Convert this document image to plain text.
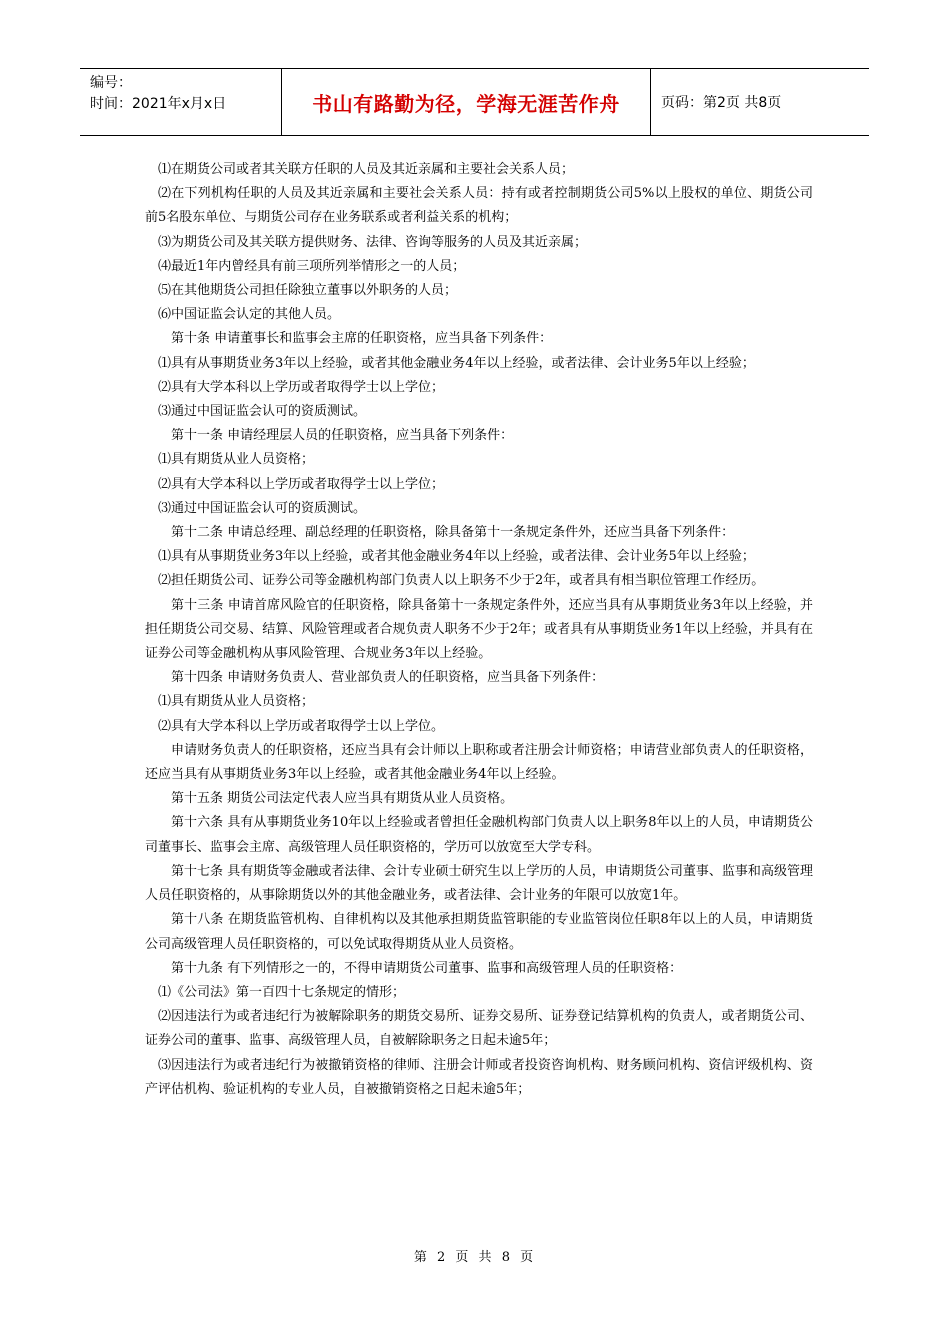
编号：
时间：2021年x月x日	书山有路勤为径，学海无涯苦作舟	页码：第2页 共8页

⑴在期货公司或者其关联方任职的人员及其近亲属和主要社会关系人员；

⑵在下列机构任职的人员及其近亲属和主要社会关系人员：持有或者控制期货公司5%以上股权的单位、期货公司前5名股东单位、与期货公司存在业务联系或者利益关系的机构；

⑶为期货公司及其关联方提供财务、法律、咨询等服务的人员及其近亲属；

⑷最近1年内曾经具有前三项所列举情形之一的人员；

⑸在其他期货公司担任除独立董事以外职务的人员；

⑹中国证监会认定的其他人员。

第十条 申请董事长和监事会主席的任职资格，应当具备下列条件：

⑴具有从事期货业务3年以上经验，或者其他金融业务4年以上经验，或者法律、会计业务5年以上经验；

⑵具有大学本科以上学历或者取得学士以上学位；

⑶通过中国证监会认可的资质测试。

第十一条 申请经理层人员的任职资格，应当具备下列条件：

⑴具有期货从业人员资格；

⑵具有大学本科以上学历或者取得学士以上学位；

⑶通过中国证监会认可的资质测试。

第十二条 申请总经理、副总经理的任职资格，除具备第十一条规定条件外，还应当具备下列条件：

⑴具有从事期货业务3年以上经验，或者其他金融业务4年以上经验，或者法律、会计业务5年以上经验；

⑵担任期货公司、证券公司等金融机构部门负责人以上职务不少于2年，或者具有相当职位管理工作经历。

第十三条 申请首席风险官的任职资格，除具备第十一条规定条件外，还应当具有从事期货业务3年以上经验，并担任期货公司交易、结算、风险管理或者合规负责人职务不少于2年；或者具有从事期货业务1年以上经验，并具有在证券公司等金融机构从事风险管理、合规业务3年以上经验。

第十四条 申请财务负责人、营业部负责人的任职资格，应当具备下列条件：

⑴具有期货从业人员资格；

⑵具有大学本科以上学历或者取得学士以上学位。

申请财务负责人的任职资格，还应当具有会计师以上职称或者注册会计师资格；申请营业部负责人的任职资格，还应当具有从事期货业务3年以上经验，或者其他金融业务4年以上经验。

第十五条 期货公司法定代表人应当具有期货从业人员资格。

第十六条 具有从事期货业务10年以上经验或者曾担任金融机构部门负责人以上职务8年以上的人员，申请期货公司董事长、监事会主席、高级管理人员任职资格的，学历可以放宽至大学专科。

第十七条 具有期货等金融或者法律、会计专业硕士研究生以上学历的人员，申请期货公司董事、监事和高级管理人员任职资格的，从事除期货以外的其他金融业务，或者法律、会计业务的年限可以放宽1年。

第十八条 在期货监管机构、自律机构以及其他承担期货监管职能的专业监管岗位任职8年以上的人员，申请期货公司高级管理人员任职资格的，可以免试取得期货从业人员资格。

第十九条 有下列情形之一的，不得申请期货公司董事、监事和高级管理人员的任职资格：

⑴《公司法》第一百四十七条规定的情形；

⑵因违法行为或者违纪行为被解除职务的期货交易所、证券交易所、证券登记结算机构的负责人，或者期货公司、证券公司的董事、监事、高级管理人员，自被解除职务之日起未逾5年；

⑶因违法行为或者违纪行为被撤销资格的律师、注册会计师或者投资咨询机构、财务顾问机构、资信评级机构、资产评估机构、验证机构的专业人员，自被撤销资格之日起未逾5年；

第 2 页 共 8 页
